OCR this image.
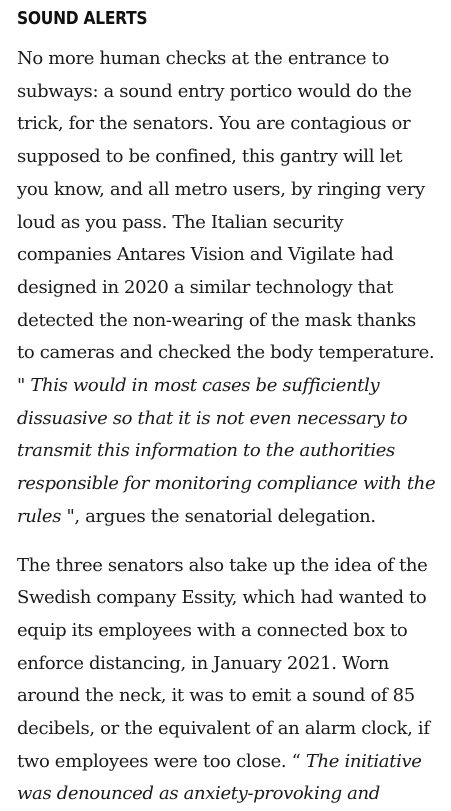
SOUND ALERTS

No more human checks at the entrance to subways: a sound entry portico would do the trick, for the senators. You are contagious or supposed to be confined, this gantry will let you know, and all metro users, by ringing very loud as you pass. The Italian security companies Antares Vision and Vigilate had designed in 2020 a similar technology that detected the non-wearing of the mask thanks to cameras and checked the body temperature. " This would in most cases be sufficiently dissuasive so that it is not even necessary to transmit this information to the authorities responsible for monitoring compliance with the rules ", argues the senatorial delegation.

The three senators also take up the idea of the Swedish company Essity, which had wanted to equip its employees with a connected box to enforce distancing, in January 2021. Worn around the neck, it was to emit a sound of 85 decibels, or the equivalent of an alarm clock, if two employees were too close. “ The initiative was denounced as anxiety-provoking and
